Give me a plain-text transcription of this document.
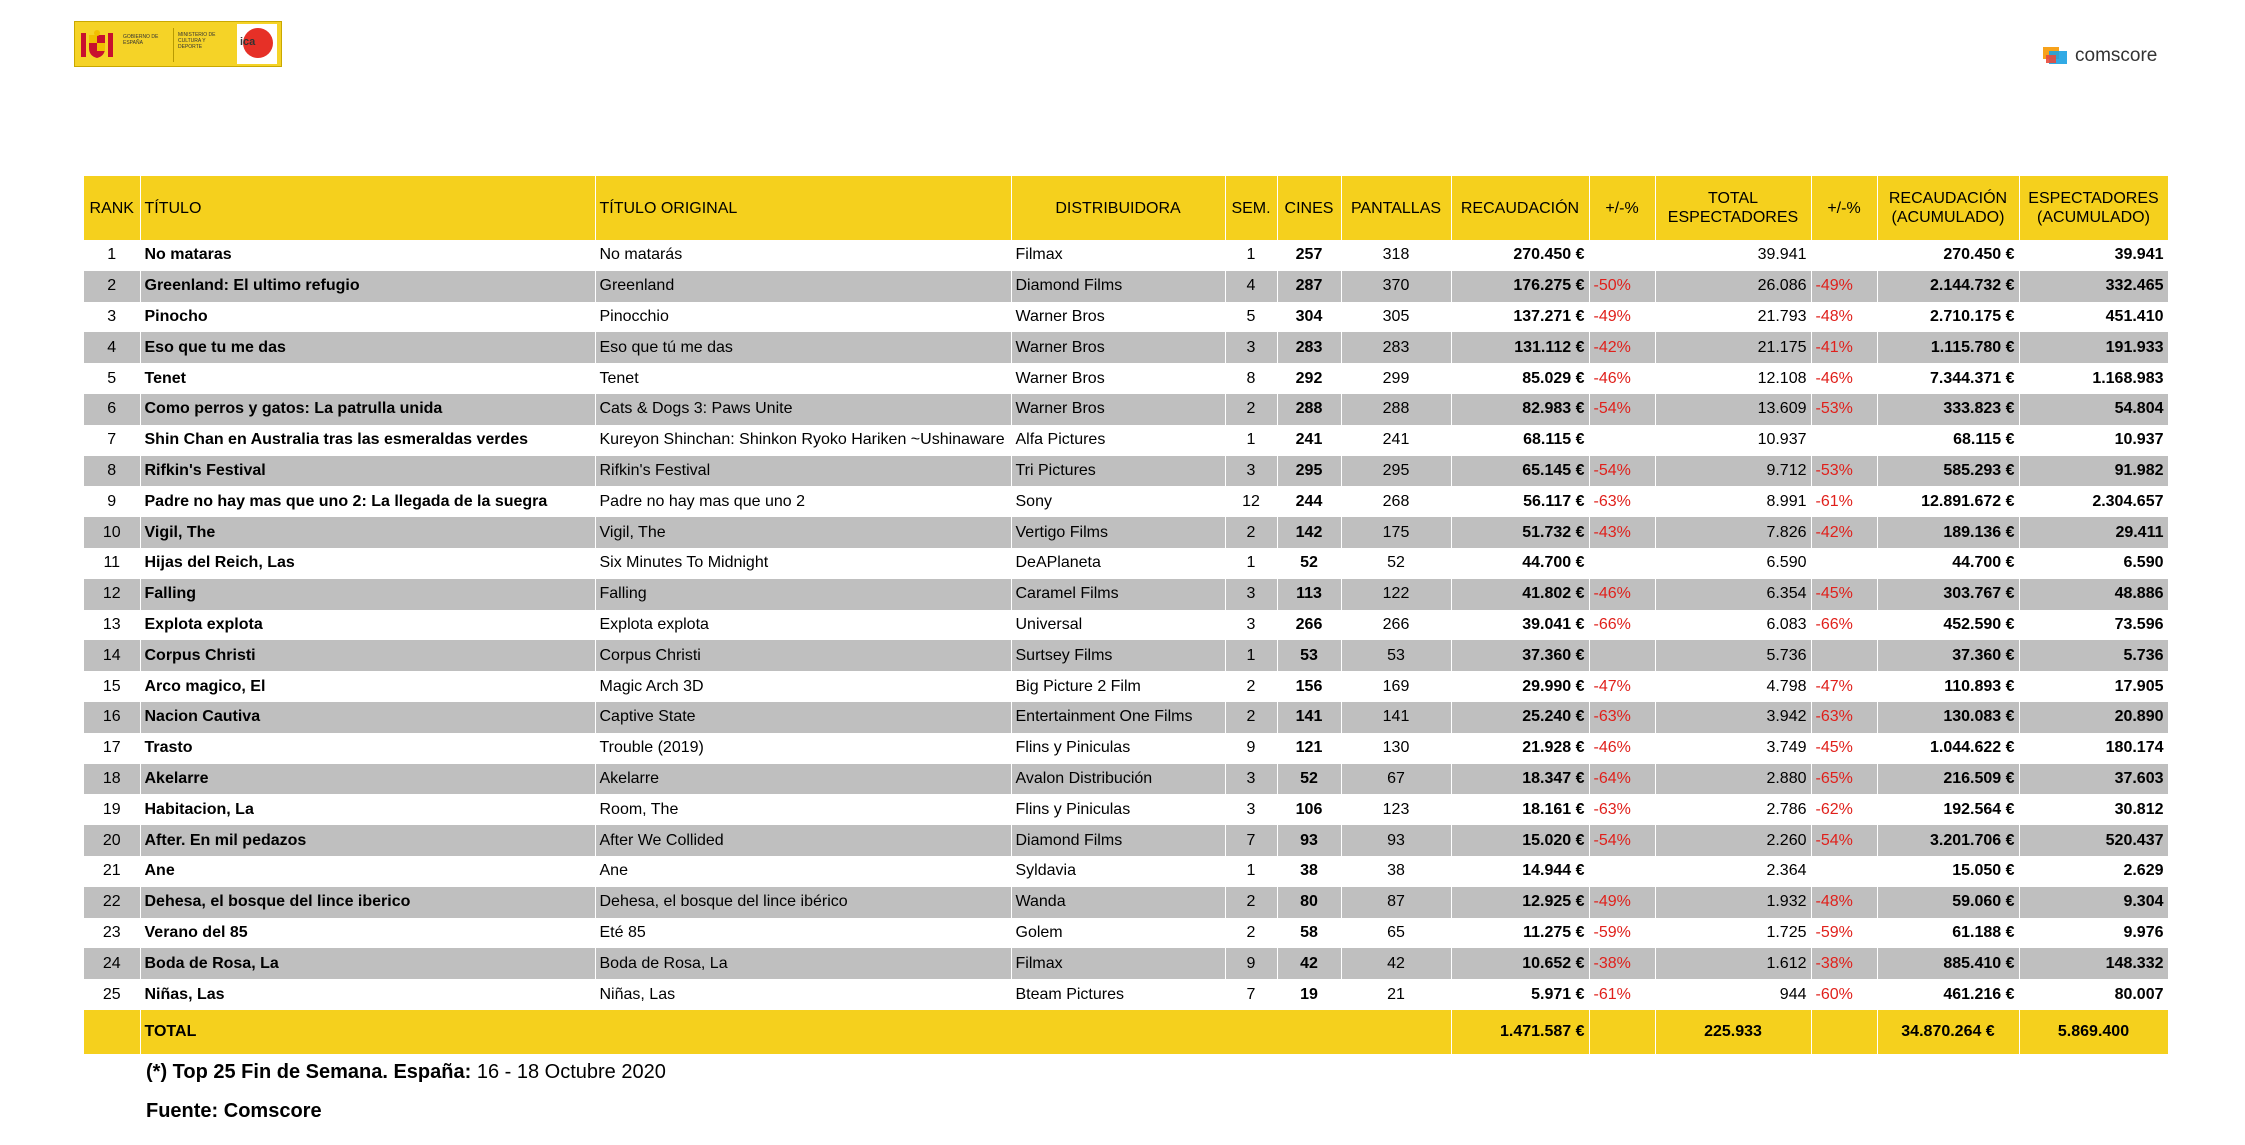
GOBIERNO DE ESPAÑA
MINISTERIO DE CULTURA Y DEPORTE	ica
comscore
RANK	TÍTULO	TÍTULO ORIGINAL	DISTRIBUIDORA	SEM.	CINES	PANTALLAS	RECAUDACIÓN	+/-%	TOTAL ESPECTADORES	+/-%	RECAUDACIÓN (ACUMULADO)	ESPECTADORES (ACUMULADO)
1	No mataras	No matarás	Filmax	1	257	318	270.450 €		39.941		270.450 €	39.941
2	Greenland: El ultimo refugio	Greenland	Diamond Films	4	287	370	176.275 €	-50%	26.086	-49%	2.144.732 €	332.465
3	Pinocho	Pinocchio	Warner Bros	5	304	305	137.271 €	-49%	21.793	-48%	2.710.175 €	451.410
4	Eso que tu me das	Eso que tú me das	Warner Bros	3	283	283	131.112 €	-42%	21.175	-41%	1.115.780 €	191.933
5	Tenet	Tenet	Warner Bros	8	292	299	85.029 €	-46%	12.108	-46%	7.344.371 €	1.168.983
6	Como perros y gatos: La patrulla unida	Cats & Dogs 3: Paws Unite	Warner Bros	2	288	288	82.983 €	-54%	13.609	-53%	333.823 €	54.804
7	Shin Chan en Australia tras las esmeraldas verdes	Kureyon Shinchan: Shinkon Ryoko Hariken ~Ushinaware	Alfa Pictures	1	241	241	68.115 €		10.937		68.115 €	10.937
8	Rifkin's Festival	Rifkin's Festival	Tri Pictures	3	295	295	65.145 €	-54%	9.712	-53%	585.293 €	91.982
9	Padre no hay mas que uno 2: La llegada de la suegra	Padre no hay mas que uno 2	Sony	12	244	268	56.117 €	-63%	8.991	-61%	12.891.672 €	2.304.657
10	Vigil, The	Vigil, The	Vertigo Films	2	142	175	51.732 €	-43%	7.826	-42%	189.136 €	29.411
11	Hijas del Reich, Las	Six Minutes To Midnight	DeAPlaneta	1	52	52	44.700 €		6.590		44.700 €	6.590
12	Falling	Falling	Caramel Films	3	113	122	41.802 €	-46%	6.354	-45%	303.767 €	48.886
13	Explota explota	Explota explota	Universal	3	266	266	39.041 €	-66%	6.083	-66%	452.590 €	73.596
14	Corpus Christi	Corpus Christi	Surtsey Films	1	53	53	37.360 €		5.736		37.360 €	5.736
15	Arco magico, El	Magic Arch 3D	Big Picture 2 Film	2	156	169	29.990 €	-47%	4.798	-47%	110.893 €	17.905
16	Nacion Cautiva	Captive State	Entertainment One Films	2	141	141	25.240 €	-63%	3.942	-63%	130.083 €	20.890
17	Trasto	Trouble (2019)	Flins y Piniculas	9	121	130	21.928 €	-46%	3.749	-45%	1.044.622 €	180.174
18	Akelarre	Akelarre	Avalon Distribución	3	52	67	18.347 €	-64%	2.880	-65%	216.509 €	37.603
19	Habitacion, La	Room, The	Flins y Piniculas	3	106	123	18.161 €	-63%	2.786	-62%	192.564 €	30.812
20	After. En mil pedazos	After We Collided	Diamond Films	7	93	93	15.020 €	-54%	2.260	-54%	3.201.706 €	520.437
21	Ane	Ane	Syldavia	1	38	38	14.944 €		2.364		15.050 €	2.629
22	Dehesa, el bosque del lince iberico	Dehesa, el bosque del lince ibérico	Wanda	2	80	87	12.925 €	-49%	1.932	-48%	59.060 €	9.304
23	Verano del 85	Eté 85	Golem	2	58	65	11.275 €	-59%	1.725	-59%	61.188 €	9.976
24	Boda de Rosa, La	Boda de Rosa, La	Filmax	9	42	42	10.652 €	-38%	1.612	-38%	885.410 €	148.332
25	Niñas, Las	Niñas, Las	Bteam Pictures	7	19	21	5.971 €	-61%	944	-60%	461.216 €	80.007
	TOTAL						1.471.587 €		225.933		34.870.264 €	5.869.400
(*) Top 25 Fin de Semana. España: 16 - 18 Octubre 2020
Fuente: Comscore
